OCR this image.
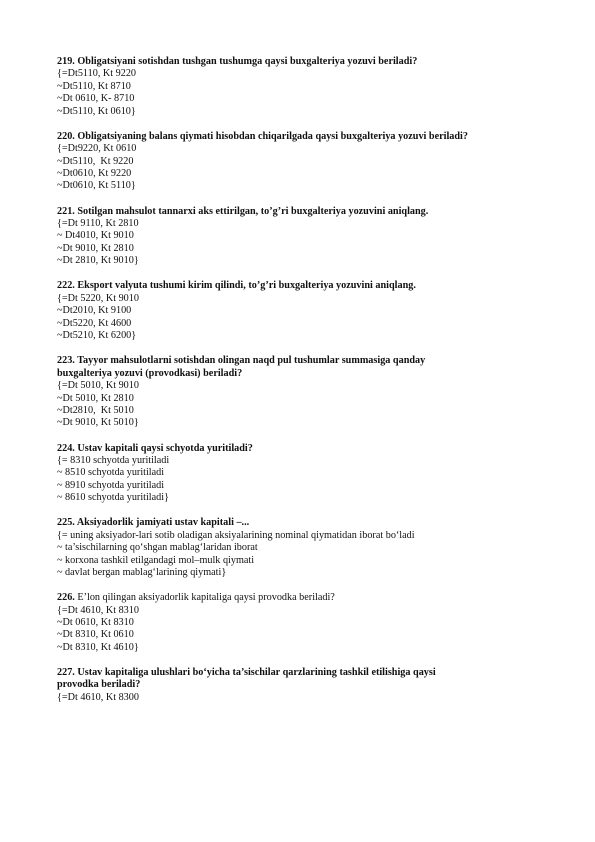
219. Obligatsiyani sotishdan tushgan tushumga qaysi buxgalteriya yozuvi beriladi?
{=Dt5110, Kt 9220
~Dt5110, Kt 8710
~Dt 0610, K- 8710
~Dt5110, Kt 0610}
220. Obligatsiyaning balans qiymati hisobdan chiqarilgada qaysi buxgalteriya yozuvi beriladi?
{=Dt9220, Kt 0610
~Dt5110,  Kt 9220
~Dt0610, Kt 9220
~Dt0610, Kt 5110}
221. Sotilgan mahsulot tannarxi aks ettirilgan, to’g’ri buxgalteriya yozuvini aniqlang.
{=Dt 9110, Kt 2810
~ Dt4010, Kt 9010
~Dt 9010, Kt 2810
~Dt 2810, Kt 9010}
222. Eksport valyuta tushumi kirim qilindi, to’g’ri buxgalteriya yozuvini aniqlang.
{=Dt 5220, Kt 9010
~Dt2010, Kt 9100
~Dt5220, Kt 4600
~Dt5210, Kt 6200}
223. Tayyor mahsulotlarni sotishdan olingan naqd pul tushumlar summasiga qanday
buxgalteriya yozuvi (provodkasi) beriladi?
{=Dt 5010, Kt 9010
~Dt 5010, Kt 2810
~Dt2810,  Kt 5010
~Dt 9010, Kt 5010}
224. Ustav kapitali qaysi schyotda yuritiladi?
{= 8310 schyotda yuritiladi
~ 8510 schyotda yuritiladi
~ 8910 schyotda yuritiladi
~ 8610 schyotda yuritiladi}
225. Aksiyadorlik jamiyati ustav kapitali –...
{= uning aksiyador-lari sotib oladigan aksiyalarining nominal qiymatidan iborat bo‘ladi
~ ta’sischilarning qo‘shgan mablag‘laridan iborat
~ korxona tashkil etilgandagi mol–mulk qiymati
~ davlat bergan mablag‘larining qiymati}
226. E’lon qilingan aksiyadorlik kapitaliga qaysi provodka beriladi?
{=Dt 4610, Kt 8310
~Dt 0610, Kt 8310
~Dt 8310, Kt 0610
~Dt 8310, Kt 4610}
227. Ustav kapitaliga ulushlari bo‘yicha ta’sischilar qarzlarining tashkil etilishiga qaysi
provodka beriladi?
{=Dt 4610, Kt 8300
